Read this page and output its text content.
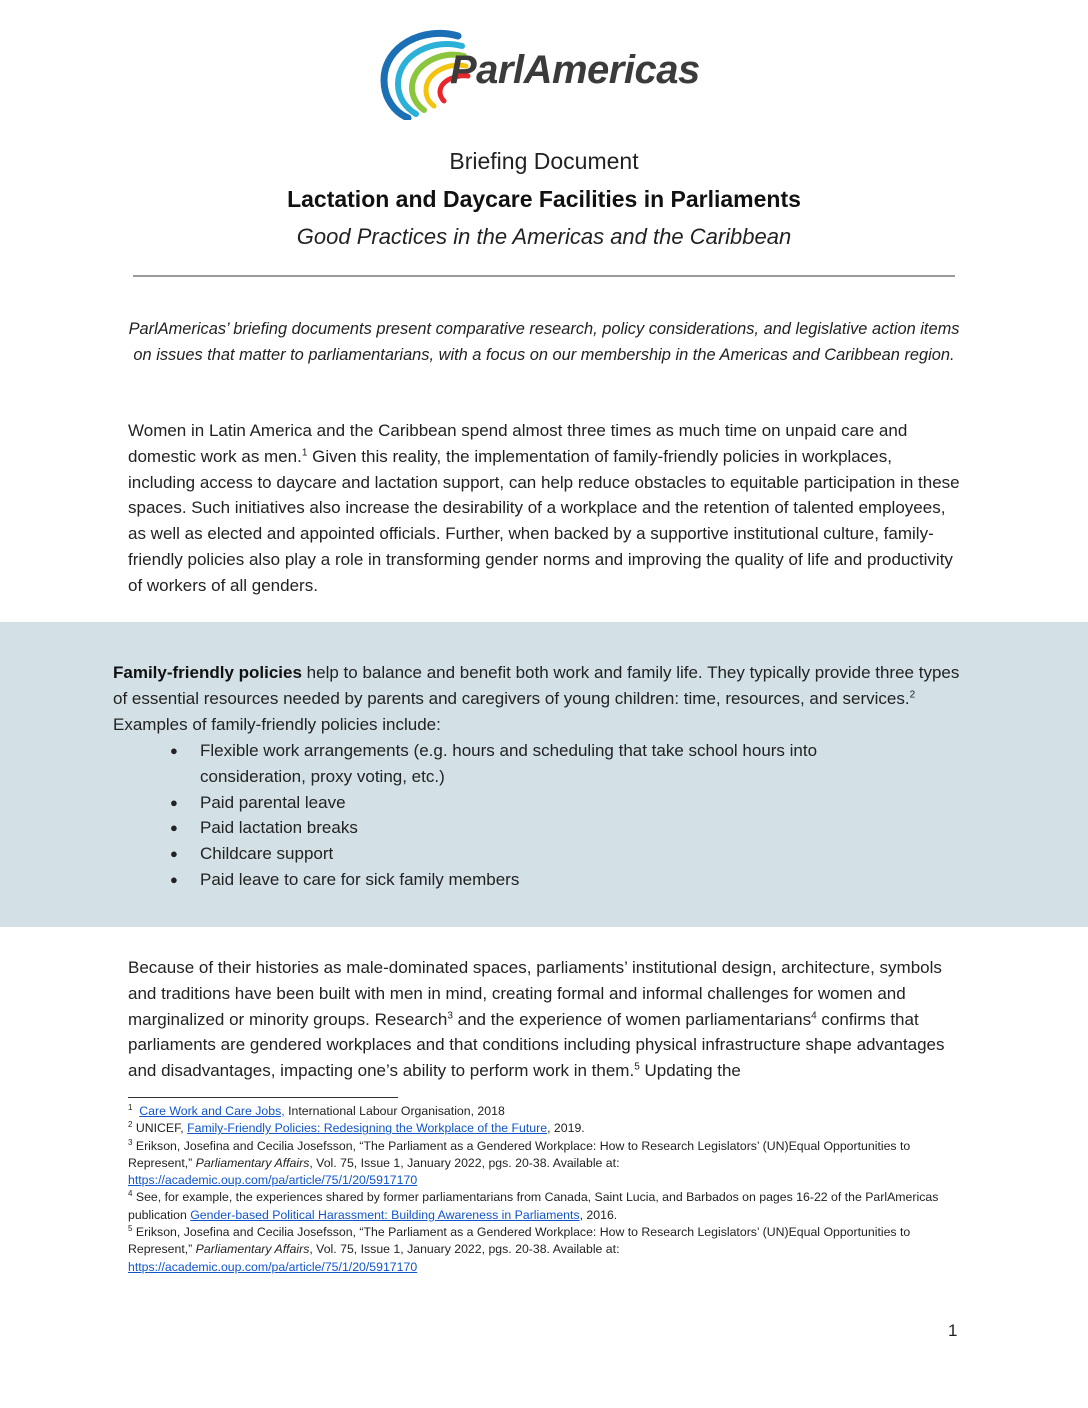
ParlAmericas
Briefing Document
Lactation and Daycare Facilities in Parliaments
Good Practices in the Americas and the Caribbean
ParlAmericas’ briefing documents present comparative research, policy considerations, and legislative action items on issues that matter to parliamentarians, with a focus on our membership in the Americas and Caribbean region.
Women in Latin America and the Caribbean spend almost three times as much time on unpaid care and domestic work as men.$^1$ Given this reality, the implementation of family-friendly policies in workplaces, including access to daycare and lactation support, can help reduce obstacles to equitable participation in these spaces. Such initiatives also increase the desirability of a workplace and the retention of talented employees, as well as elected and appointed officials. Further, when backed by a supportive institutional culture, family-friendly policies also play a role in transforming gender norms and improving the quality of life and productivity of workers of all genders.
Family-friendly policies help to balance and benefit both work and family life. They typically provide three types of essential resources needed by parents and caregivers of young children: time, resources, and services.$^2$ Examples of family-friendly policies include:
● Flexible work arrangements (e.g. hours and scheduling that take school hours into consideration, proxy voting, etc.)
● Paid parental leave
● Paid lactation breaks
● Childcare support
● Paid leave to care for sick family members
Because of their histories as male-dominated spaces, parliaments’ institutional design, architecture, symbols and traditions have been built with men in mind, creating formal and informal challenges for women and marginalized or minority groups. Research$^3$ and the experience of women parliamentarians$^4$ confirms that parliaments are gendered workplaces and that conditions including physical infrastructure shape advantages and disadvantages, impacting one’s ability to perform work in them.$^5$ Updating the

$^1$ Care Work and Care Jobs, International Labour Organisation, 2018

$^2$ UNICEF, Family-Friendly Policies: Redesigning the Workplace of the Future, 2019.

$^3$ Erikson, Josefina and Cecilia Josefsson, “The Parliament as a Gendered Workplace: How to Research Legislators’ (UN)Equal Opportunities to Represent,” Parliamentary Affairs, Vol. 75, Issue 1, January 2022, pgs. 20-38. Available at:
https://academic.oup.com/pa/article/75/1/20/5917170

$^4$ See, for example, the experiences shared by former parliamentarians from Canada, Saint Lucia, and Barbados on pages 16-22 of the ParlAmericas publication Gender-based Political Harassment: Building Awareness in Parliaments, 2016.

$^5$ Erikson, Josefina and Cecilia Josefsson, “The Parliament as a Gendered Workplace: How to Research Legislators’ (UN)Equal Opportunities to Represent,” Parliamentary Affairs, Vol. 75, Issue 1, January 2022, pgs. 20-38. Available at:
https://academic.oup.com/pa/article/75/1/20/5917170

1
